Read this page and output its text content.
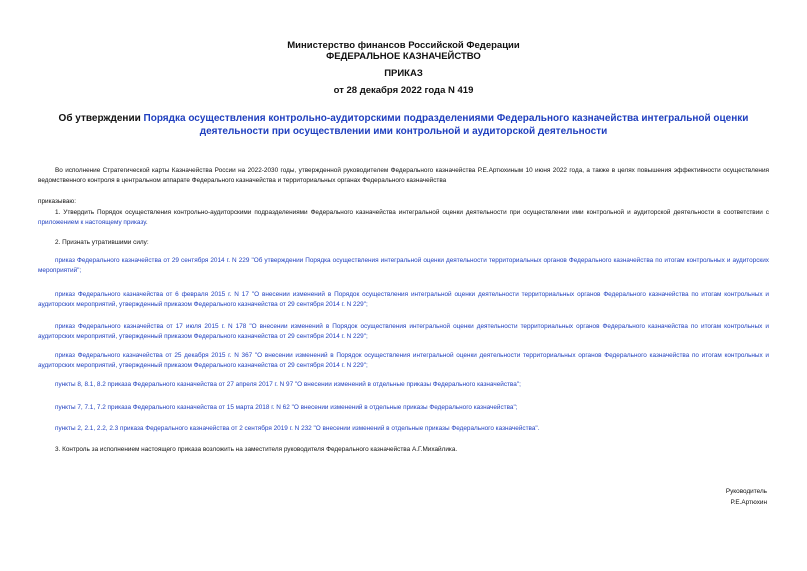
Министерство финансов Российской Федерации
ФЕДЕРАЛЬНОЕ КАЗНАЧЕЙСТВО
ПРИКАЗ
от 28 декабря 2022 года N 419
Об утверждении Порядка осуществления контрольно-аудиторскими подразделениями Федерального казначейства интегральной оценки деятельности при осуществлении ими контрольной и аудиторской деятельности
Во исполнение Стратегической карты Казначейства России на 2022-2030 годы, утвержденной руководителем Федерального казначейства Р.Е.Артюхиным 10 июня 2022 года, а также в целях повышения эффективности осуществления ведомственного контроля в центральном аппарате Федерального казначейства и территориальных органах Федерального казначейства
приказываю:
1. Утвердить Порядок осуществления контрольно-аудиторскими подразделениями Федерального казначейства интегральной оценки деятельности при осуществлении ими контрольной и аудиторской деятельности в соответствии с приложением к настоящему приказу.
2. Признать утратившими силу:
приказ Федерального казначейства от 29 сентября 2014 г. N 229 "Об утверждении Порядка осуществления интегральной оценки деятельности территориальных органов Федерального казначейства по итогам контрольных и аудиторских мероприятий";
приказ Федерального казначейства от 6 февраля 2015 г. N 17 "О внесении изменений в Порядок осуществления интегральной оценки деятельности территориальных органов Федерального казначейства по итогам контрольных и аудиторских мероприятий, утвержденный приказом Федерального казначейства от 29 сентября 2014 г. N 229";
приказ Федерального казначейства от 17 июля 2015 г. N 178 "О внесении изменений в Порядок осуществления интегральной оценки деятельности территориальных органов Федерального казначейства по итогам контрольных и аудиторских мероприятий, утвержденный приказом Федерального казначейства от 29 сентября 2014 г. N 229";
приказ Федерального казначейства от 25 декабря 2015 г. N 367 "О внесении изменений в Порядок осуществления интегральной оценки деятельности территориальных органов Федерального казначейства по итогам контрольных и аудиторских мероприятий, утвержденный приказом Федерального казначейства от 29 сентября 2014 г. N 229";
пункты 8, 8.1, 8.2 приказа Федерального казначейства от 27 апреля 2017 г. N 97 "О внесении изменений в отдельные приказы Федерального казначейства";
пункты 7, 7.1, 7.2 приказа Федерального казначейства от 15 марта 2018 г. N 62 "О внесении изменений в отдельные приказы Федерального казначейства";
пункты 2, 2.1, 2.2, 2.3 приказа Федерального казначейства от 2 сентября 2019 г. N 232 "О внесении изменений в отдельные приказы Федерального казначейства".
3. Контроль за исполнением настоящего приказа возложить на заместителя руководителя Федерального казначейства А.Г.Михайлика.
Руководитель
Р.Е.Артюхин
